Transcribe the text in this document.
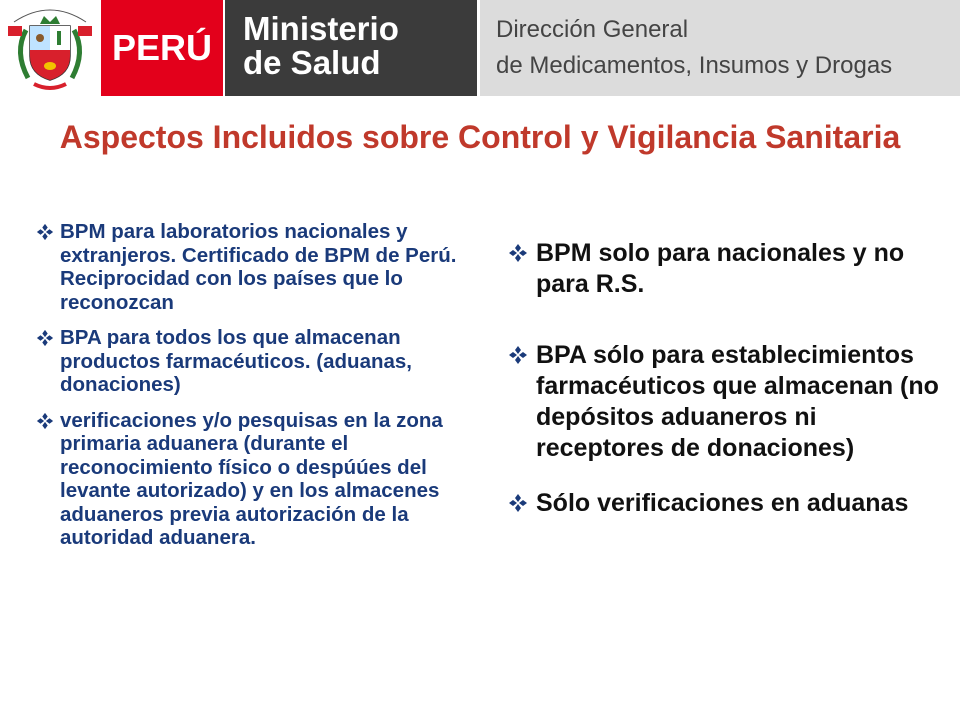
PERÚ Ministerio
de Salud
Dirección General
de Medicamentos, Insumos y Drogas
Aspectos Incluidos sobre Control y Vigilancia Sanitaria
BPM para laboratorios nacionales y extranjeros. Certificado de BPM de Perú. Reciprocidad con los países que lo reconozcan
BPA para todos los que almacenan productos farmacéuticos. (aduanas, donaciones)
verificaciones y/o pesquisas en la zona primaria aduanera (durante el reconocimiento físico o despúúes del levante autorizado) y en los almacenes aduaneros previa autorización de la autoridad aduanera.
BPM solo para nacionales y no para R.S.
BPA sólo para establecimientos farmacéuticos que almacenan (no depósitos aduaneros ni receptores de donaciones)
Sólo verificaciones en aduanas
